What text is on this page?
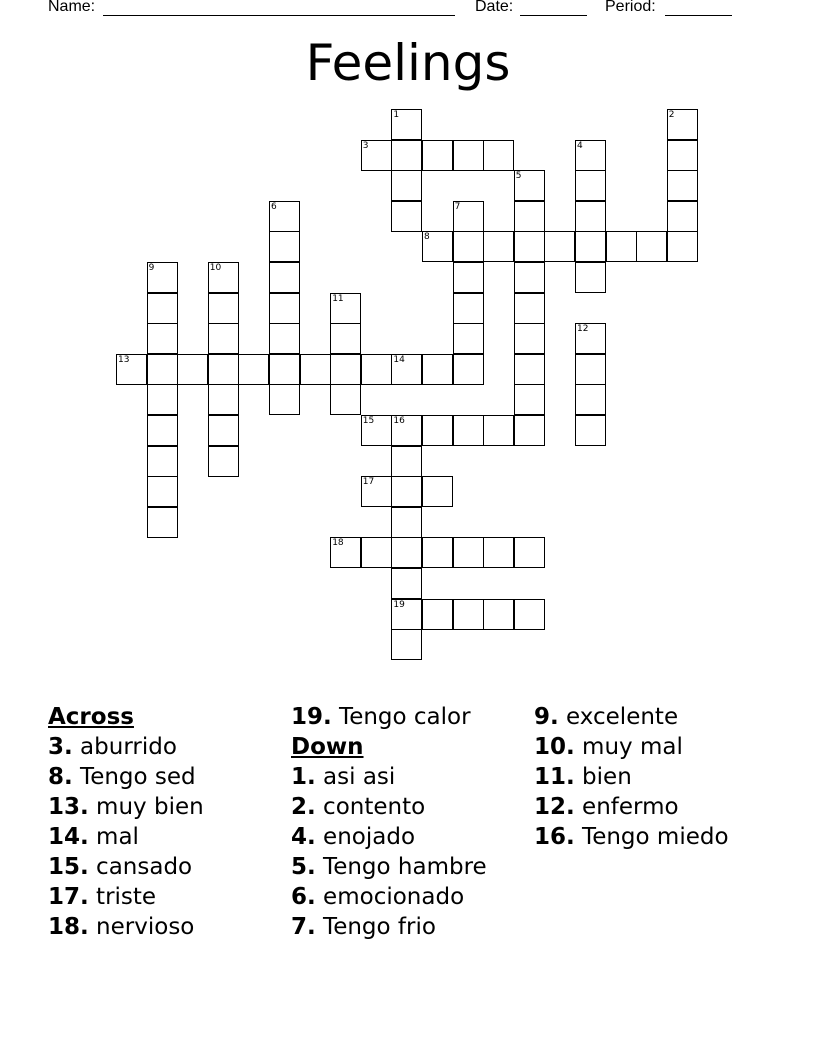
Name:	Date:	Period:
Feelings
1	2
3	4
5
6	7
8
9	10
11
12
13	14
15 16
19
17
18
Across
3. aburrido
8. Tengo sed
13. muy bien
14. mal
15. cansado
17. triste
18. nervioso
19. Tengo calor
Down
1. asi asi
2. contento
4. enojado
5. Tengo hambre
6. emocionado
7. Tengo frio
9. excelente
10. muy mal
11. bien
12. enfermo
16. Tengo miedo
